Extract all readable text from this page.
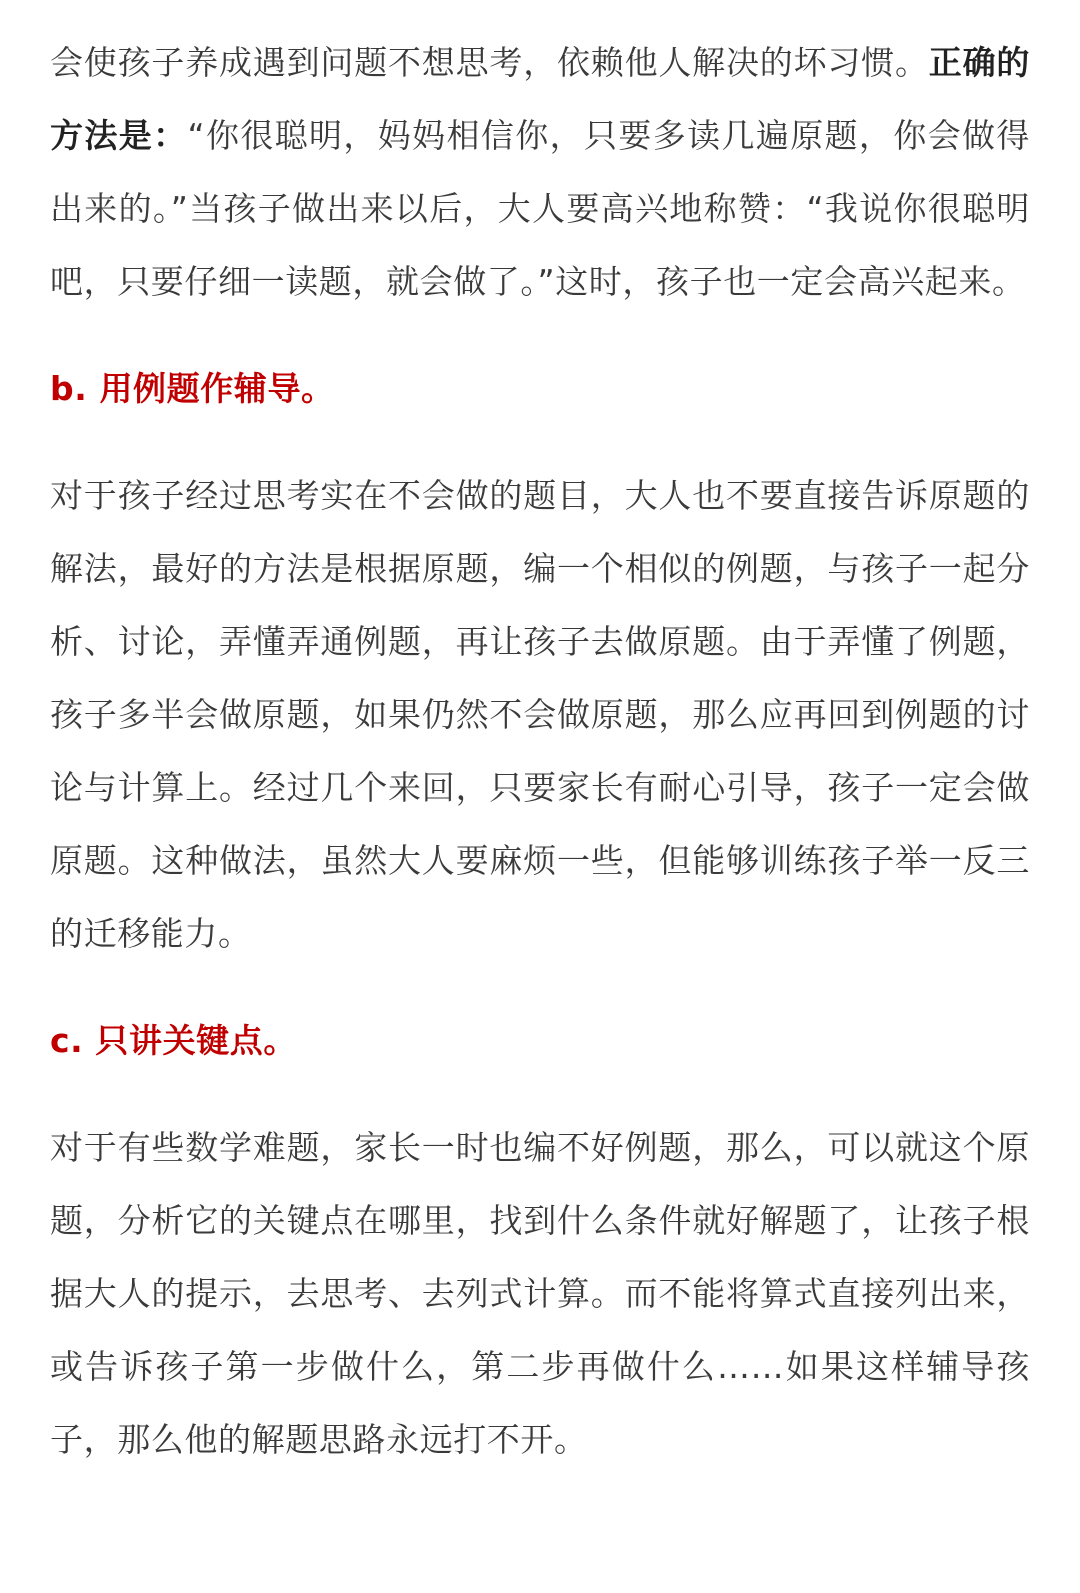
会使孩子养成遇到问题不想思考，依赖他人解决的坏习惯。正确的方法是：“你很聪明，妈妈相信你，只要多读几遍原题，你会做得出来的。”当孩子做出来以后，大人要高兴地称赞：“我说你很聪明吧，只要仔细一读题，就会做了。”这时，孩子也一定会高兴起来。

b. 用例题作辅导。

对于孩子经过思考实在不会做的题目，大人也不要直接告诉原题的解法，最好的方法是根据原题，编一个相似的例题，与孩子一起分析、讨论，弄懂弄通例题，再让孩子去做原题。由于弄懂了例题，孩子多半会做原题，如果仍然不会做原题，那么应再回到例题的讨论与计算上。经过几个来回，只要家长有耐心引导，孩子一定会做原题。这种做法，虽然大人要麻烦一些，但能够训练孩子举一反三的迁移能力。

c. 只讲关键点。

对于有些数学难题，家长一时也编不好例题，那么，可以就这个原题，分析它的关键点在哪里，找到什么条件就好解题了，让孩子根据大人的提示，去思考、去列式计算。而不能将算式直接列出来，或告诉孩子第一步做什么，第二步再做什么……如果这样辅导孩子，那么他的解题思路永远打不开。
